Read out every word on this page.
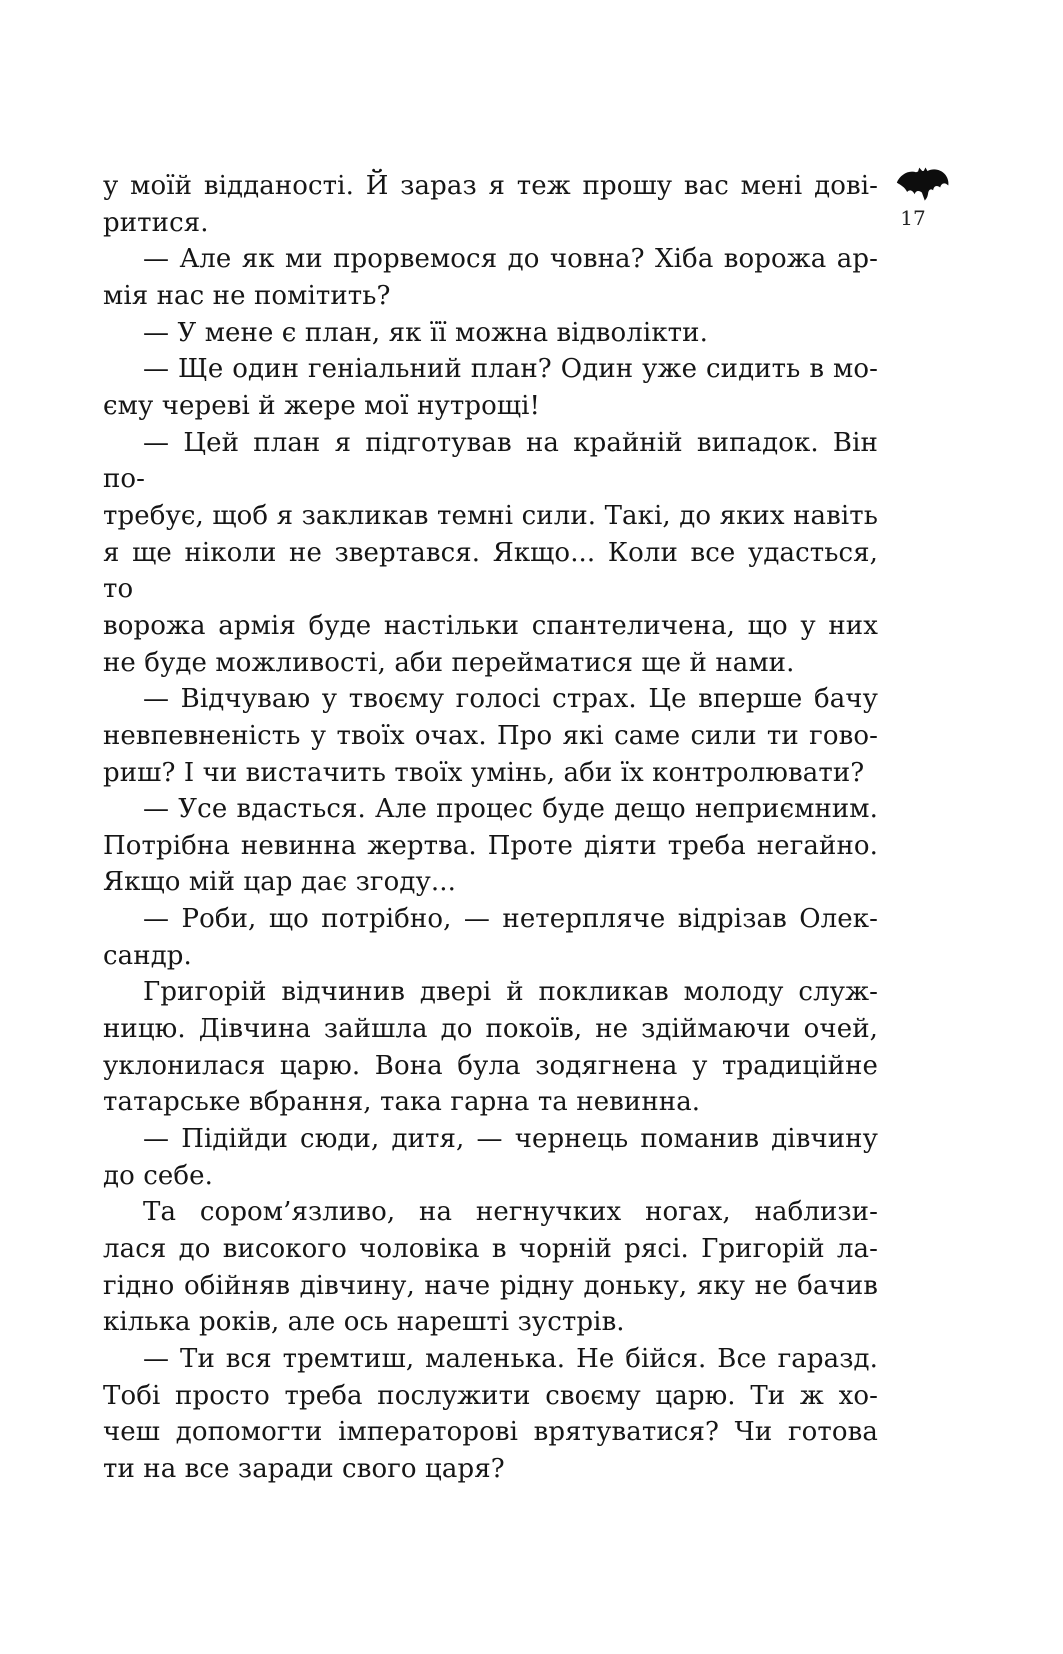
17
у моїй відданості. Й зараз я теж прошу вас мені дові-
ритися.
— Але як ми прорвемося до човна? Хіба ворожа ар-
мія нас не помітить?
— У мене є план, як її можна відволікти.
— Ще один геніальний план? Один уже сидить в мо-
єму череві й жере мої нутрощі!
— Цей план я підготував на крайній випадок. Він по-
требує, щоб я закликав темні сили. Такі, до яких навіть
я ще ніколи не звертався. Якщо... Коли все удасться, то
ворожа армія буде настільки спантеличена, що у них
не буде можливості, аби перейматися ще й нами.
— Відчуваю у твоєму голосі страх. Це вперше бачу
невпевненість у твоїх очах. Про які саме сили ти гово-
риш? І чи вистачить твоїх умінь, аби їх контролювати?
— Усе вдасться. Але процес буде дещо неприємним.
Потрібна невинна жертва. Проте діяти треба негайно.
Якщо мій цар дає згоду...
— Роби, що потрібно, — нетерпляче відрізав Олек-
сандр.
Григорій відчинив двері й покликав молоду служ-
ницю. Дівчина зайшла до покоїв, не здіймаючи очей,
уклонилася царю. Вона була зодягнена у традиційне
татарське вбрання, така гарна та невинна.
— Підійди сюди, дитя, — чернець поманив дівчину
до себе.
Та сором’язливо, на негнучких ногах, наблизи-
лася до високого чоловіка в чорній рясі. Григорій ла-
гідно обійняв дівчину, наче рідну доньку, яку не бачив
кілька років, але ось нарешті зустрів.
— Ти вся тремтиш, маленька. Не бійся. Все гаразд.
Тобі просто треба послужити своєму царю. Ти ж хо-
чеш допомогти імператорові врятуватися? Чи готова
ти на все заради свого царя?
